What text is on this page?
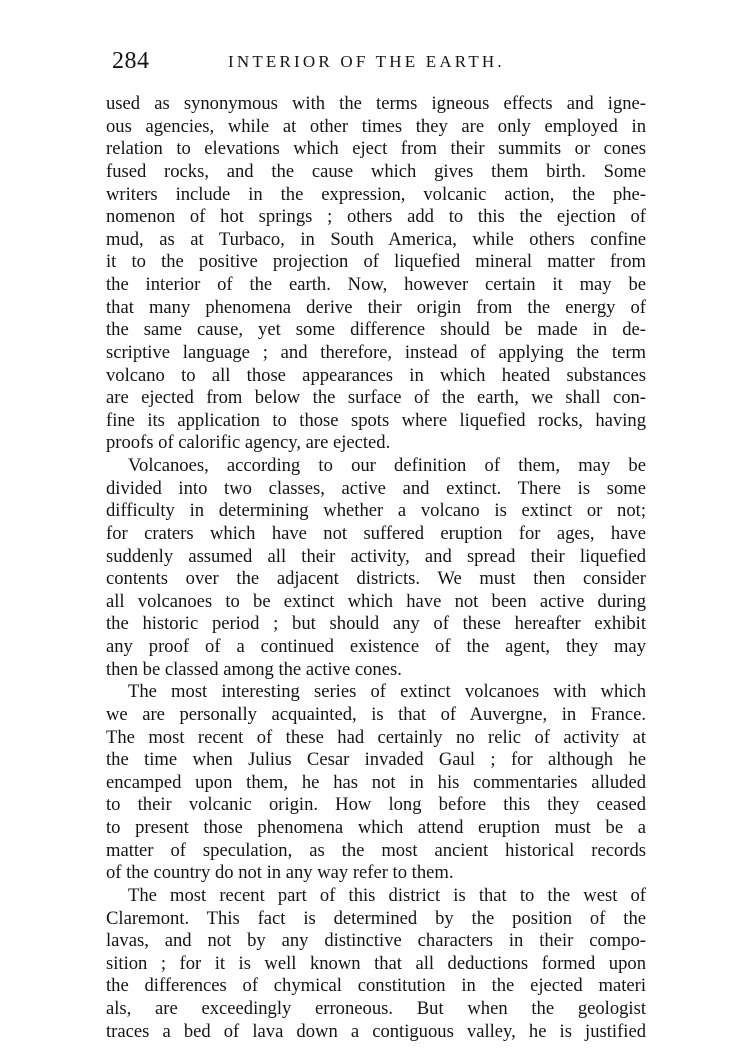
284	INTERIOR OF THE EARTH.
used as synonymous with the terms igneous effects and igne-
ous agencies, while at other times they are only employed in
relation to elevations which eject from their summits or cones
fused rocks, and the cause which gives them birth. Some
writers include in the expression, volcanic action, the phe-
nomenon of hot springs ; others add to this the ejection of
mud, as at Turbaco, in South America, while others confine
it to the positive projection of liquefied mineral matter from
the interior of the earth. Now, however certain it may be
that many phenomena derive their origin from the energy of
the same cause, yet some difference should be made in de-
scriptive language ; and therefore, instead of applying the term
volcano to all those appearances in which heated substances
are ejected from below the surface of the earth, we shall con-
fine its application to those spots where liquefied rocks, having
proofs of calorific agency, are ejected.
Volcanoes, according to our definition of them, may be
divided into two classes, active and extinct. There is some
difficulty in determining whether a volcano is extinct or not;
for craters which have not suffered eruption for ages, have
suddenly assumed all their activity, and spread their liquefied
contents over the adjacent districts. We must then consider
all volcanoes to be extinct which have not been active during
the historic period ; but should any of these hereafter exhibit
any proof of a continued existence of the agent, they may
then be classed among the active cones.
The most interesting series of extinct volcanoes with which
we are personally acquainted, is that of Auvergne, in France.
The most recent of these had certainly no relic of activity at
the time when Julius Cesar invaded Gaul ; for although he
encamped upon them, he has not in his commentaries alluded
to their volcanic origin. How long before this they ceased
to present those phenomena which attend eruption must be a
matter of speculation, as the most ancient historical records
of the country do not in any way refer to them.
The most recent part of this district is that to the west of
Claremont. This fact is determined by the position of the
lavas, and not by any distinctive characters in their compo-
sition ; for it is well known that all deductions formed upon
the differences of chymical constitution in the ejected materi
als, are exceedingly erroneous. But when the geologist
traces a bed of lava down a contiguous valley, he is justified
